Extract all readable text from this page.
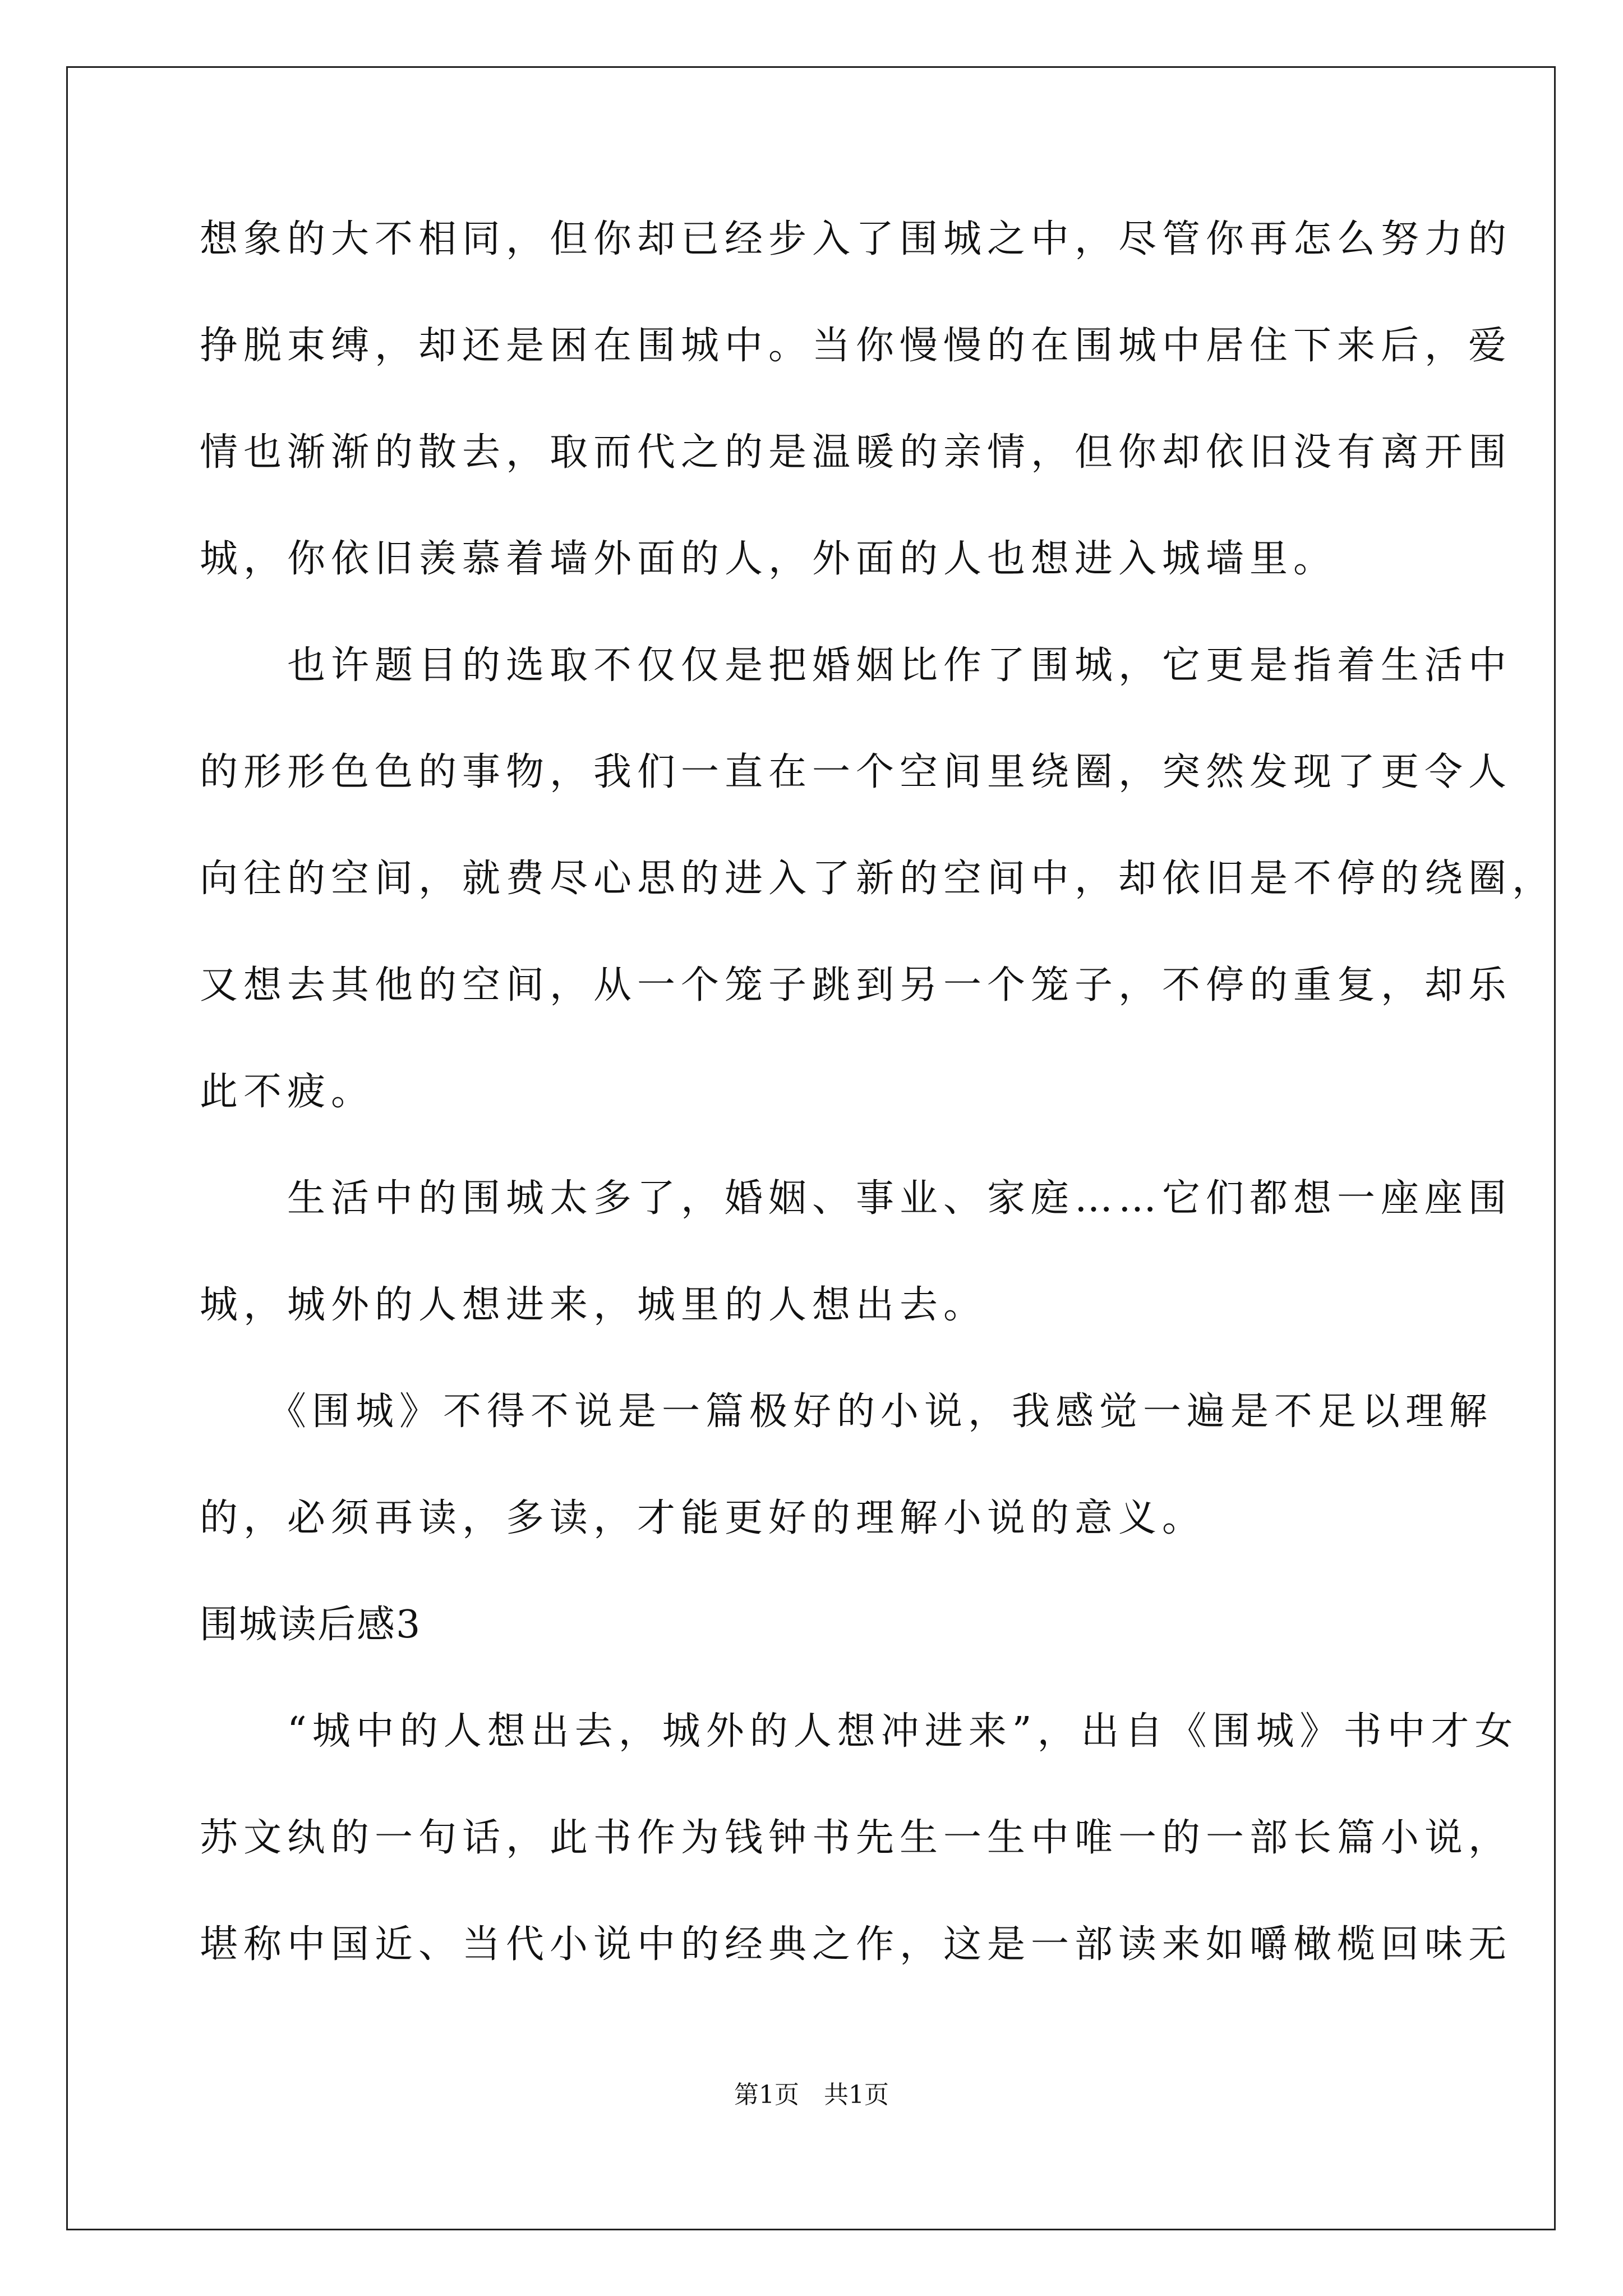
想象的大不相同，但你却已经步入了围城之中，尽管你再怎么努力的
挣脱束缚，却还是困在围城中。当你慢慢的在围城中居住下来后，爱
情也渐渐的散去，取而代之的是温暖的亲情，但你却依旧没有离开围
城，你依旧羡慕着墙外面的人，外面的人也想进入城墙里。
　　也许题目的选取不仅仅是把婚姻比作了围城，它更是指着生活中
的形形色色的事物，我们一直在一个空间里绕圈，突然发现了更令人
向往的空间，就费尽心思的进入了新的空间中，却依旧是不停的绕圈，
又想去其他的空间，从一个笼子跳到另一个笼子，不停的重复，却乐
此不疲。
　　生活中的围城太多了，婚姻、事业、家庭……它们都想一座座围
城，城外的人想进来，城里的人想出去。
　　《围城》不得不说是一篇极好的小说，我感觉一遍是不足以理解
的，必须再读，多读，才能更好的理解小说的意义。
围城读后感3
　　“城中的人想出去，城外的人想冲进来”，出自《围城》书中才女
苏文纨的一句话，此书作为钱钟书先生一生中唯一的一部长篇小说，
堪称中国近、当代小说中的经典之作，这是一部读来如嚼橄榄回味无
第1页　共1页
